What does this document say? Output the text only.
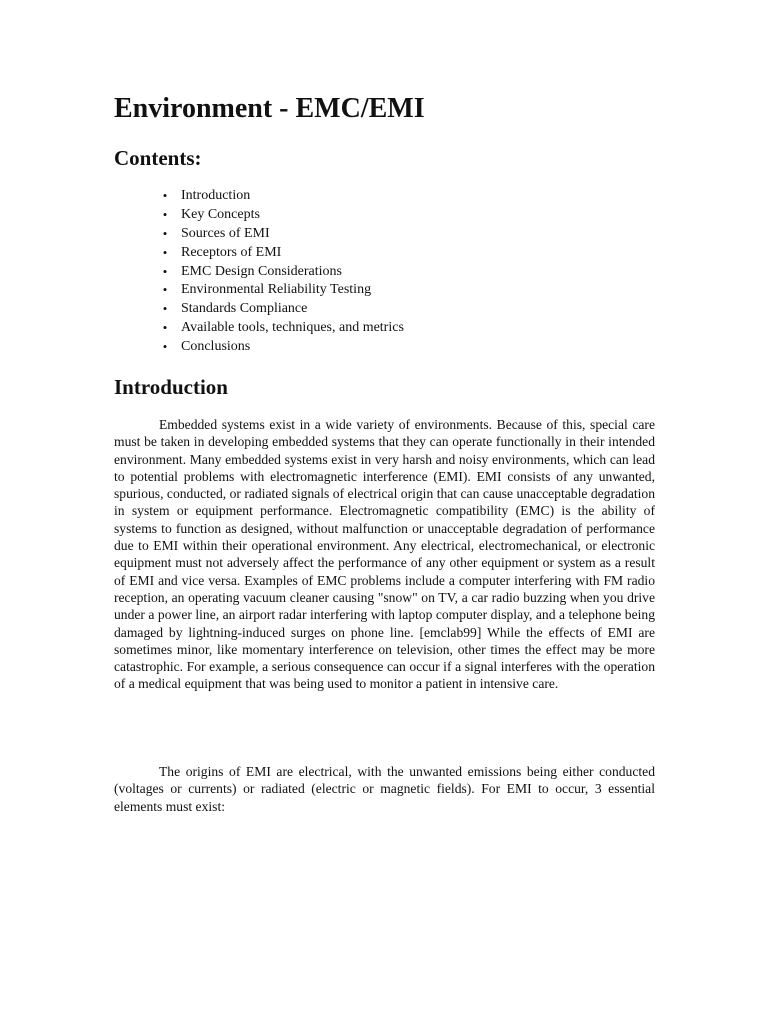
Environment - EMC/EMI
Contents:
• Introduction
• Key Concepts
• Sources of EMI
• Receptors of EMI
• EMC Design Considerations
• Environmental Reliability Testing
• Standards Compliance
• Available tools, techniques, and metrics
• Conclusions
Introduction

Embedded systems exist in a wide variety of environments. Because of this, special care must be taken in developing embedded systems that they can operate functionally in their intended environment. Many embedded systems exist in very harsh and noisy environments, which can lead to potential problems with electromagnetic interference (EMI). EMI consists of any unwanted, spurious, conducted, or radiated signals of electrical origin that can cause unacceptable degradation in system or equipment performance. Electromagnetic compatibility (EMC) is the ability of systems to function as designed, without malfunction or unacceptable degradation of performance due to EMI within their operational environment. Any electrical, electromechanical, or electronic equipment must not adversely affect the performance of any other equipment or system as a result of EMI and vice versa. Examples of EMC problems include a computer interfering with FM radio reception, an operating vacuum cleaner causing "snow" on TV, a car radio buzzing when you drive under a power line, an airport radar interfering with laptop computer display, and a telephone being damaged by lightning-induced surges on phone line. [emclab99] While the effects of EMI are sometimes minor, like momentary interference on television, other times the effect may be more catastrophic. For example, a serious consequence can occur if a signal interferes with the operation of a medical equipment that was being used to monitor a patient in intensive care.

The origins of EMI are electrical, with the unwanted emissions being either conducted (voltages or currents) or radiated (electric or magnetic fields). For EMI to occur, 3 essential elements must exist:
